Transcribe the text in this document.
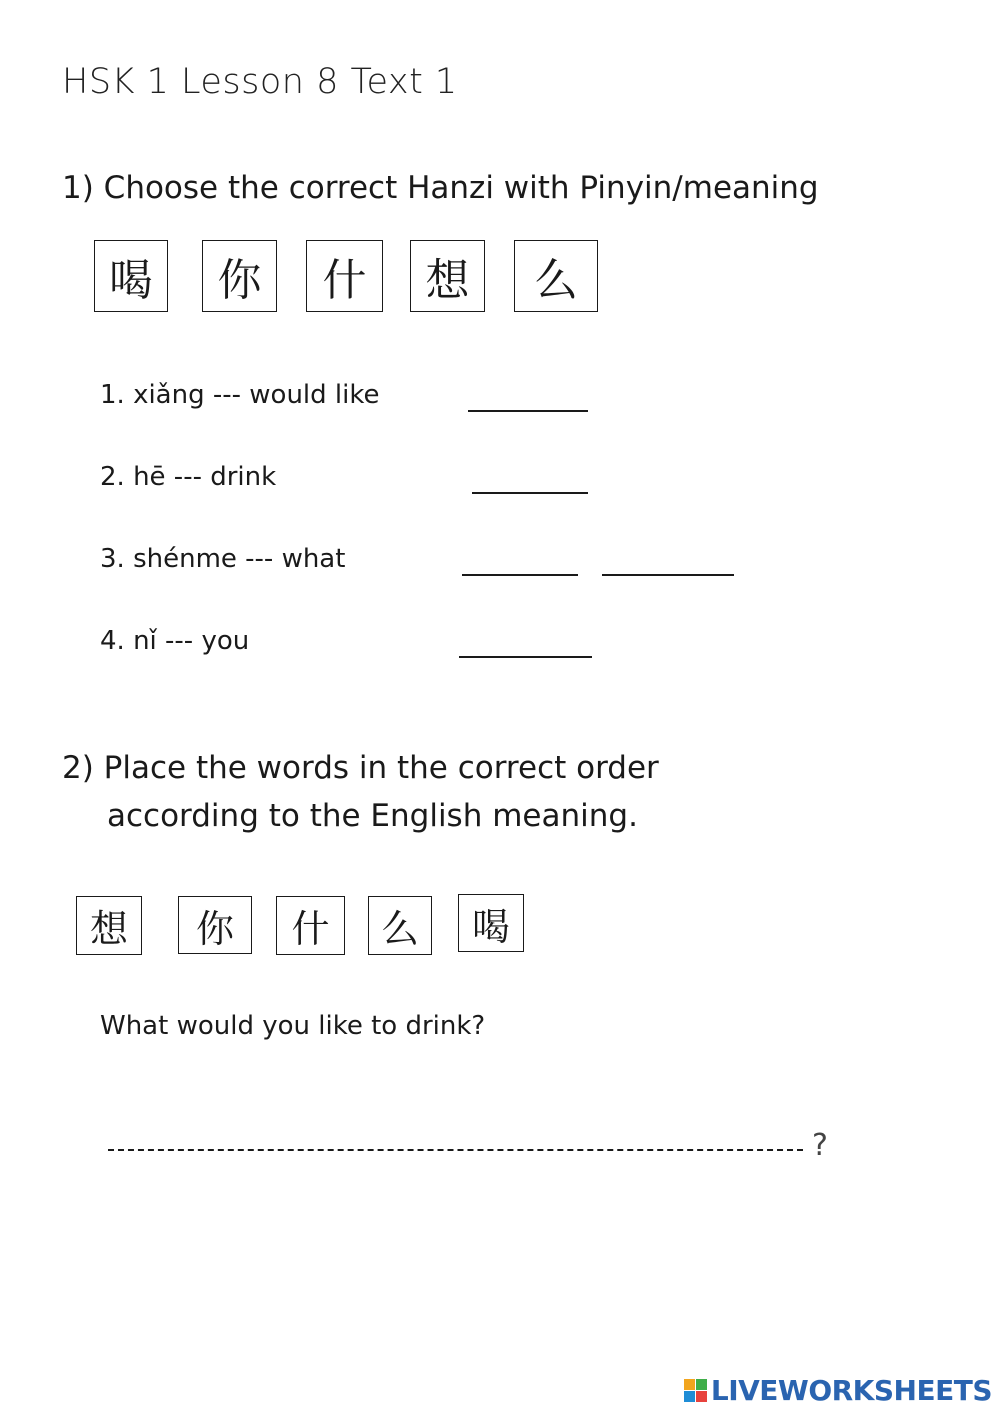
HSK 1 Lesson 8 Text 1
1) Choose the correct Hanzi with Pinyin/meaning
喝	你	什	想	么
1. xiǎng --- would like
2. hē --- drink
3. shénme --- what
4. nǐ --- you
2) Place the words in the correct order
according to the English meaning.
想	你	什	么	喝
What would you like to drink?
?
LIVEWORKSHEETS
